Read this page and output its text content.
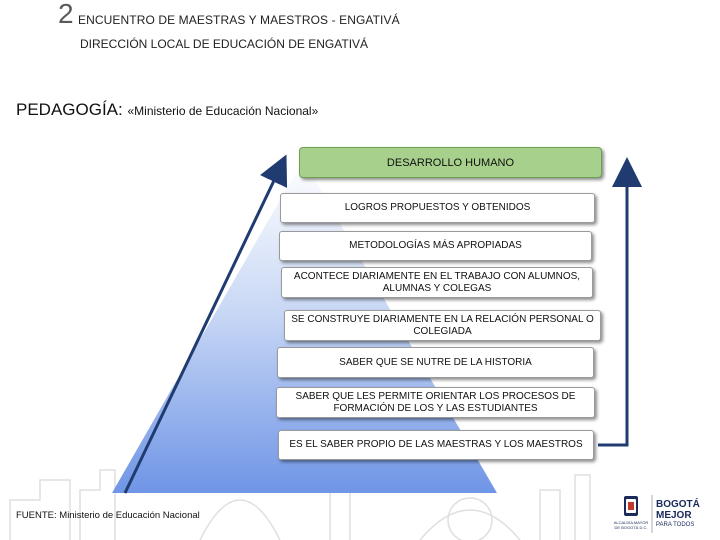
2 ENCUENTRO DE MAESTRAS Y MAESTROS - ENGATIVÁ
DIRECCIÓN LOCAL DE EDUCACIÓN DE ENGATIVÁ
PEDAGOGÍA: «Ministerio de Educación Nacional»
DESARROLLO HUMANO
LOGROS PROPUESTOS Y OBTENIDOS
METODOLOGÍAS MÁS APROPIADAS
ACONTECE DIARIAMENTE EN EL TRABAJO CON ALUMNOS, ALUMNAS Y COLEGAS
SE CONSTRUYE DIARIAMENTE EN LA RELACIÓN PERSONAL O COLEGIADA
SABER QUE SE NUTRE DE LA HISTORIA
SABER QUE LES PERMITE ORIENTAR LOS PROCESOS DE FORMACIÓN DE LOS Y LAS ESTUDIANTES
ES EL SABER PROPIO DE LAS MAESTRAS Y LOS MAESTROS
FUENTE: Ministerio de Educación Nacional
ALCALDÍA MAYOR
DE BOGOTÁ D.C.
BOGOTÁ
MEJOR
PARA TODOS
